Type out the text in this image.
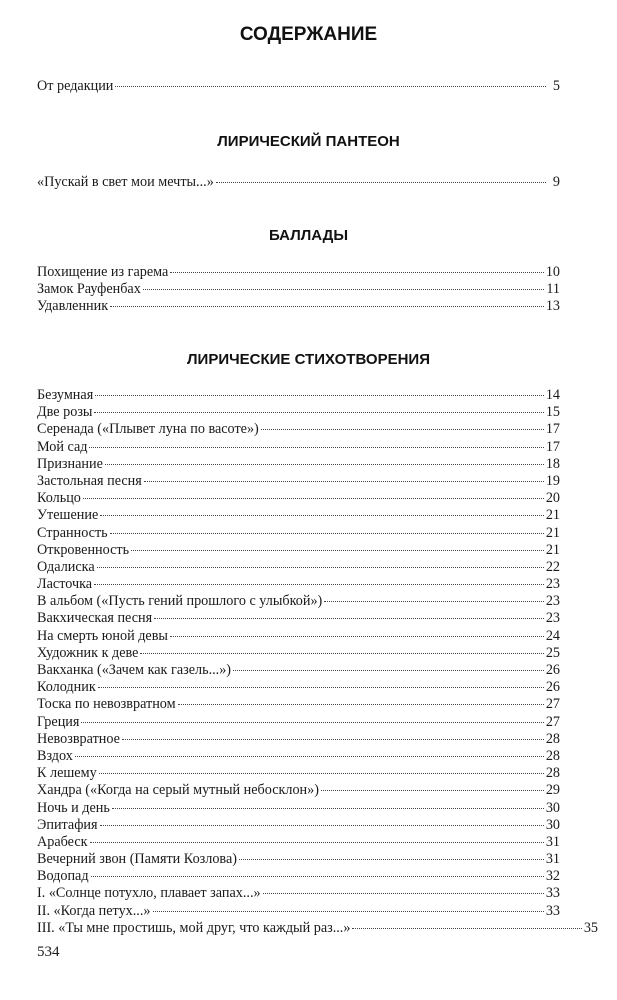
СОДЕРЖАНИЕ
От редакции	5
ЛИРИЧЕСКИЙ ПАНТЕОН
«Пускай в свет мои мечты...»	9
БАЛЛАДЫ
Похищение из гарема	10
Замок Рауфенбах	11
Удавленник	13
ЛИРИЧЕСКИЕ СТИХОТВОРЕНИЯ
Безумная	14
Две розы	15
Серенада («Плывет луна по васоте»)	17
Мой сад	17
Признание	18
Застольная песня	19
Кольцо	20
Утешение	21
Странность	21
Откровенность	21
Одалиска	22
Ласточка	23
В альбом («Пусть гений прошлого с улыбкой»)	23
Вакхическая песня	23
На смерть юной девы	24
Художник к деве	25
Вакханка («Зачем как газель...»)	26
Колодник	26
Тоска по невозвратном	27
Греция	27
Невозвратное	28
Вздох	28
К лешему	28
Хандра («Когда на серый мутный небосклон»)	29
Ночь и день	30
Эпитафия	30
Арабеск	31
Вечерний звон (Памяти Козлова)	31
Водопад	32
I. «Солнце потухло, плавает запах...»	33
II. «Когда петух...»	33
III. «Ты мне простишь, мой друг, что каждый раз...»	35
534
